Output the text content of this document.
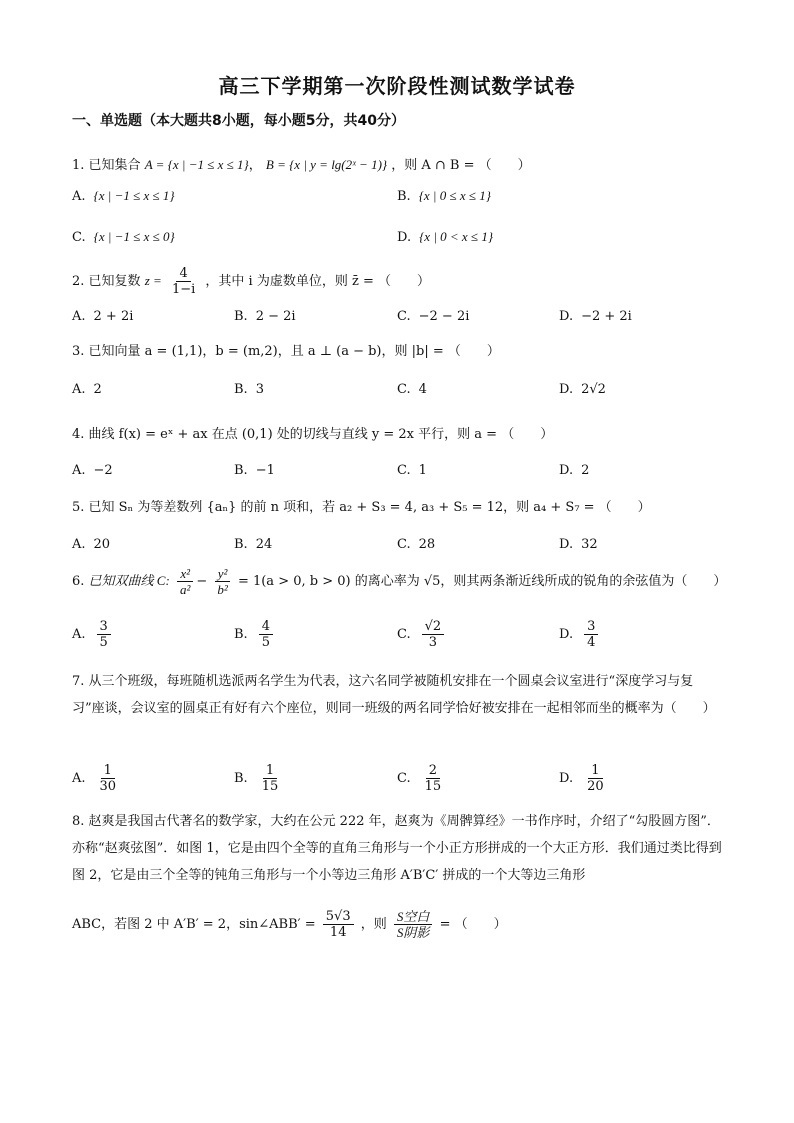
高三下学期第一次阶段性测试数学试卷
一、单选题（本大题共8小题，每小题5分，共40分）
1. 已知集合 A = {x | −1 ≤ x ≤ 1}， B = {x | y = lg(2ˣ − 1)} ，则 A ∩ B = （　　）
A. {x | −1 ≤ x ≤ 1}	B. {x | 0 ≤ x ≤ 1}
C. {x | −1 ≤ x ≤ 0}	D. {x | 0 < x ≤ 1}
2. 已知复数 $z = \frac{4}{1-i}$ ，其中 i 为虚数单位，则 z̄ = （　　）
A. 2 + 2i	B. 2 − 2i	C. −2 − 2i	D. −2 + 2i
3. 已知向量 a = (1,1)，b = (m,2)，且 a ⊥ (a − b)，则 |b| = （　　）
A. 2	B. 3	C. 4	D. 2√2
4. 曲线 f(x) = eˣ + ax 在点 (0,1) 处的切线与直线 y = 2x 平行，则 a = （　　）
A. −2	B. −1	C. 1	D. 2
5. 已知 Sₙ 为等差数列 {aₙ} 的前 n 项和，若 a₂ + S₃ = 4, a₃ + S₅ = 12，则 a₄ + S₇ = （　　）
A. 20	B. 24	C. 28	D. 32
6. 已知双曲线 C: $\frac{\text{x²}}{\text{a²}} - \frac{\text{y²}}{\text{b²}} = 1(a > 0$, b > 0) 的离心率为 √5，则其两条渐近线所成的锐角的余弦值为（　　）
A. $\frac{3}{5}$	B. $\frac{4}{5}$	C. $\frac{√2}{3}$	D. $\frac{3}{4}$
7. 从三个班级，每班随机选派两名学生为代表，这六名同学被随机安排在一个圆桌会议室进行“深度学习与复习”座谈，会议室的圆桌正有好有六个座位，则同一班级的两名同学恰好被安排在一起相邻而坐的概率为（　　）
A. $\frac{1}{30}$	B. $\frac{1}{15}$	C. $\frac{2}{15}$	D. $\frac{1}{20}$
8. 赵爽是我国古代著名的数学家，大约在公元 222 年，赵爽为《周髀算经》一书作序时，介绍了“勾股圆方图”．亦称“赵爽弦图”．如图 1，它是由四个全等的直角三角形与一个小正方形拼成的一个大正方形．我们通过类比得到图 2，它是由三个全等的钝角三角形与一个小等边三角形 A′B′C′ 拼成的一个大等边三角形
ABC，若图 2 中 A′B′ = 2，sin∠ABB′ = $\frac{5√3}{14}$ ，则 $\frac{\text{S空白}}{\text{S阴影}}$ = （　　）
